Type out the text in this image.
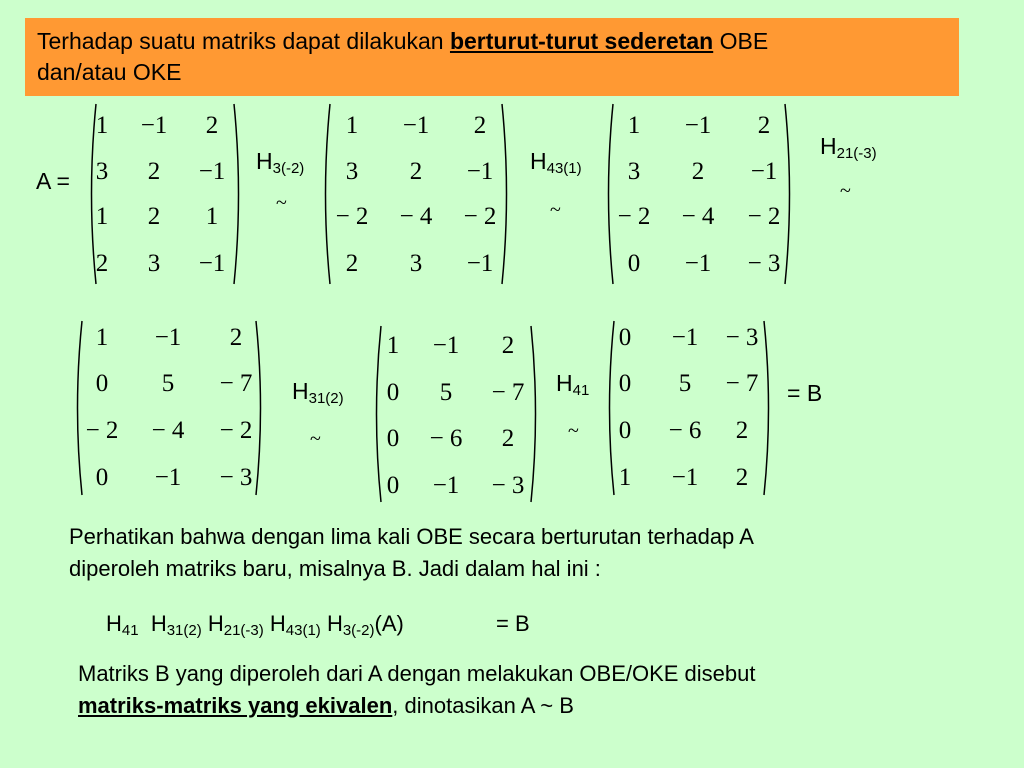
Terhadap suatu matriks dapat dilakukan berturut-turut sederetan OBE
dan/atau OKE
A =
$H_{3(-2)}$
~
$H_{43(1)}$
~
$H_{21(-3)}$
~
$H_{31(2)}$
~
$H_{41}$
~
= B
1	−1	2
3	2	−1
1	2	1
2	3	−1
1	−1	2
3	2	−1
− 2	− 4	− 2
2	3	−1
1	−1	2
3	2	−1
− 2	− 4	− 2
0	−1	− 3
1	−1	2
0	5	− 7
− 2	− 4	− 2
0	−1	− 3
1	−1	2
0	5	− 7
0	− 6	2
0	−1	− 3
0	−1	− 3
0	5	− 7
0	− 6	2
1	−1	2
Perhatikan bahwa dengan lima kali OBE secara berturutan terhadap A
diperoleh matriks baru, misalnya B. Jadi dalam hal ini :
$H_{41}$ $H_{31(2)}$ $H_{21(-3)}$ $H_{43(1)}$ $H_{3(-2)}(A)$	= B
Matriks B yang diperoleh dari A dengan melakukan OBE/OKE disebut
matriks-matriks yang ekivalen, dinotasikan A ~ B
